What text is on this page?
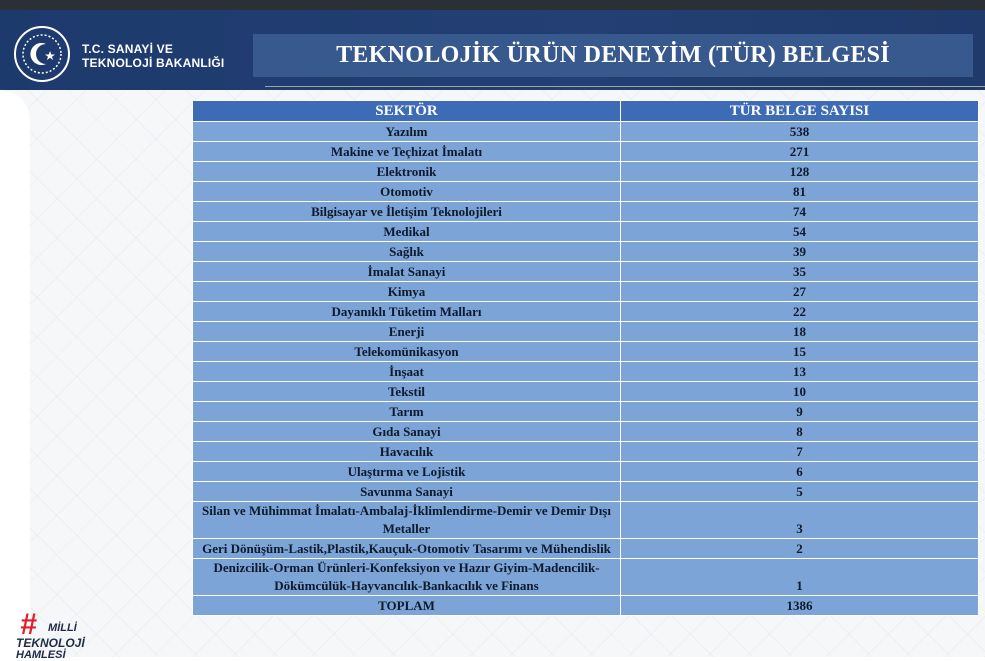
T.C. SANAYİ VE
TEKNOLOJİ BAKANLIĞI	TEKNOLOJİK ÜRÜN DENEYİM (TÜR) BELGESİ
SEKTÖR	TÜR BELGE SAYISI
Yazılım	538
Makine ve Teçhizat İmalatı	271
Elektronik	128
Otomotiv	81
Bilgisayar ve İletişim Teknolojileri	74
Medikal	54
Sağlık	39
İmalat Sanayi	35
Kimya	27
Dayanıklı Tüketim Malları	22
Enerji	18
Telekomünikasyon	15
İnşaat	13
Tekstil	10
Tarım	9
Gıda Sanayi	8
Havacılık	7
Ulaştırma ve Lojistik	6
Savunma Sanayi	5
Silan ve Mühimmat İmalatı-Ambalaj-İklimlendirme-Demir ve Demir Dışı Metaller	3
Geri Dönüşüm-Lastik,Plastik,Kauçuk-Otomotiv Tasarımı ve Mühendislik	2
Denizcilik-Orman Ürünleri-Konfeksiyon ve Hazır Giyim-Madencilik-Dökümcülük-Hayvancılık-Bankacılık ve Finans	1
TOPLAM	1386
# MİLLİ
TEKNOLOJİ
HAMLESİ
